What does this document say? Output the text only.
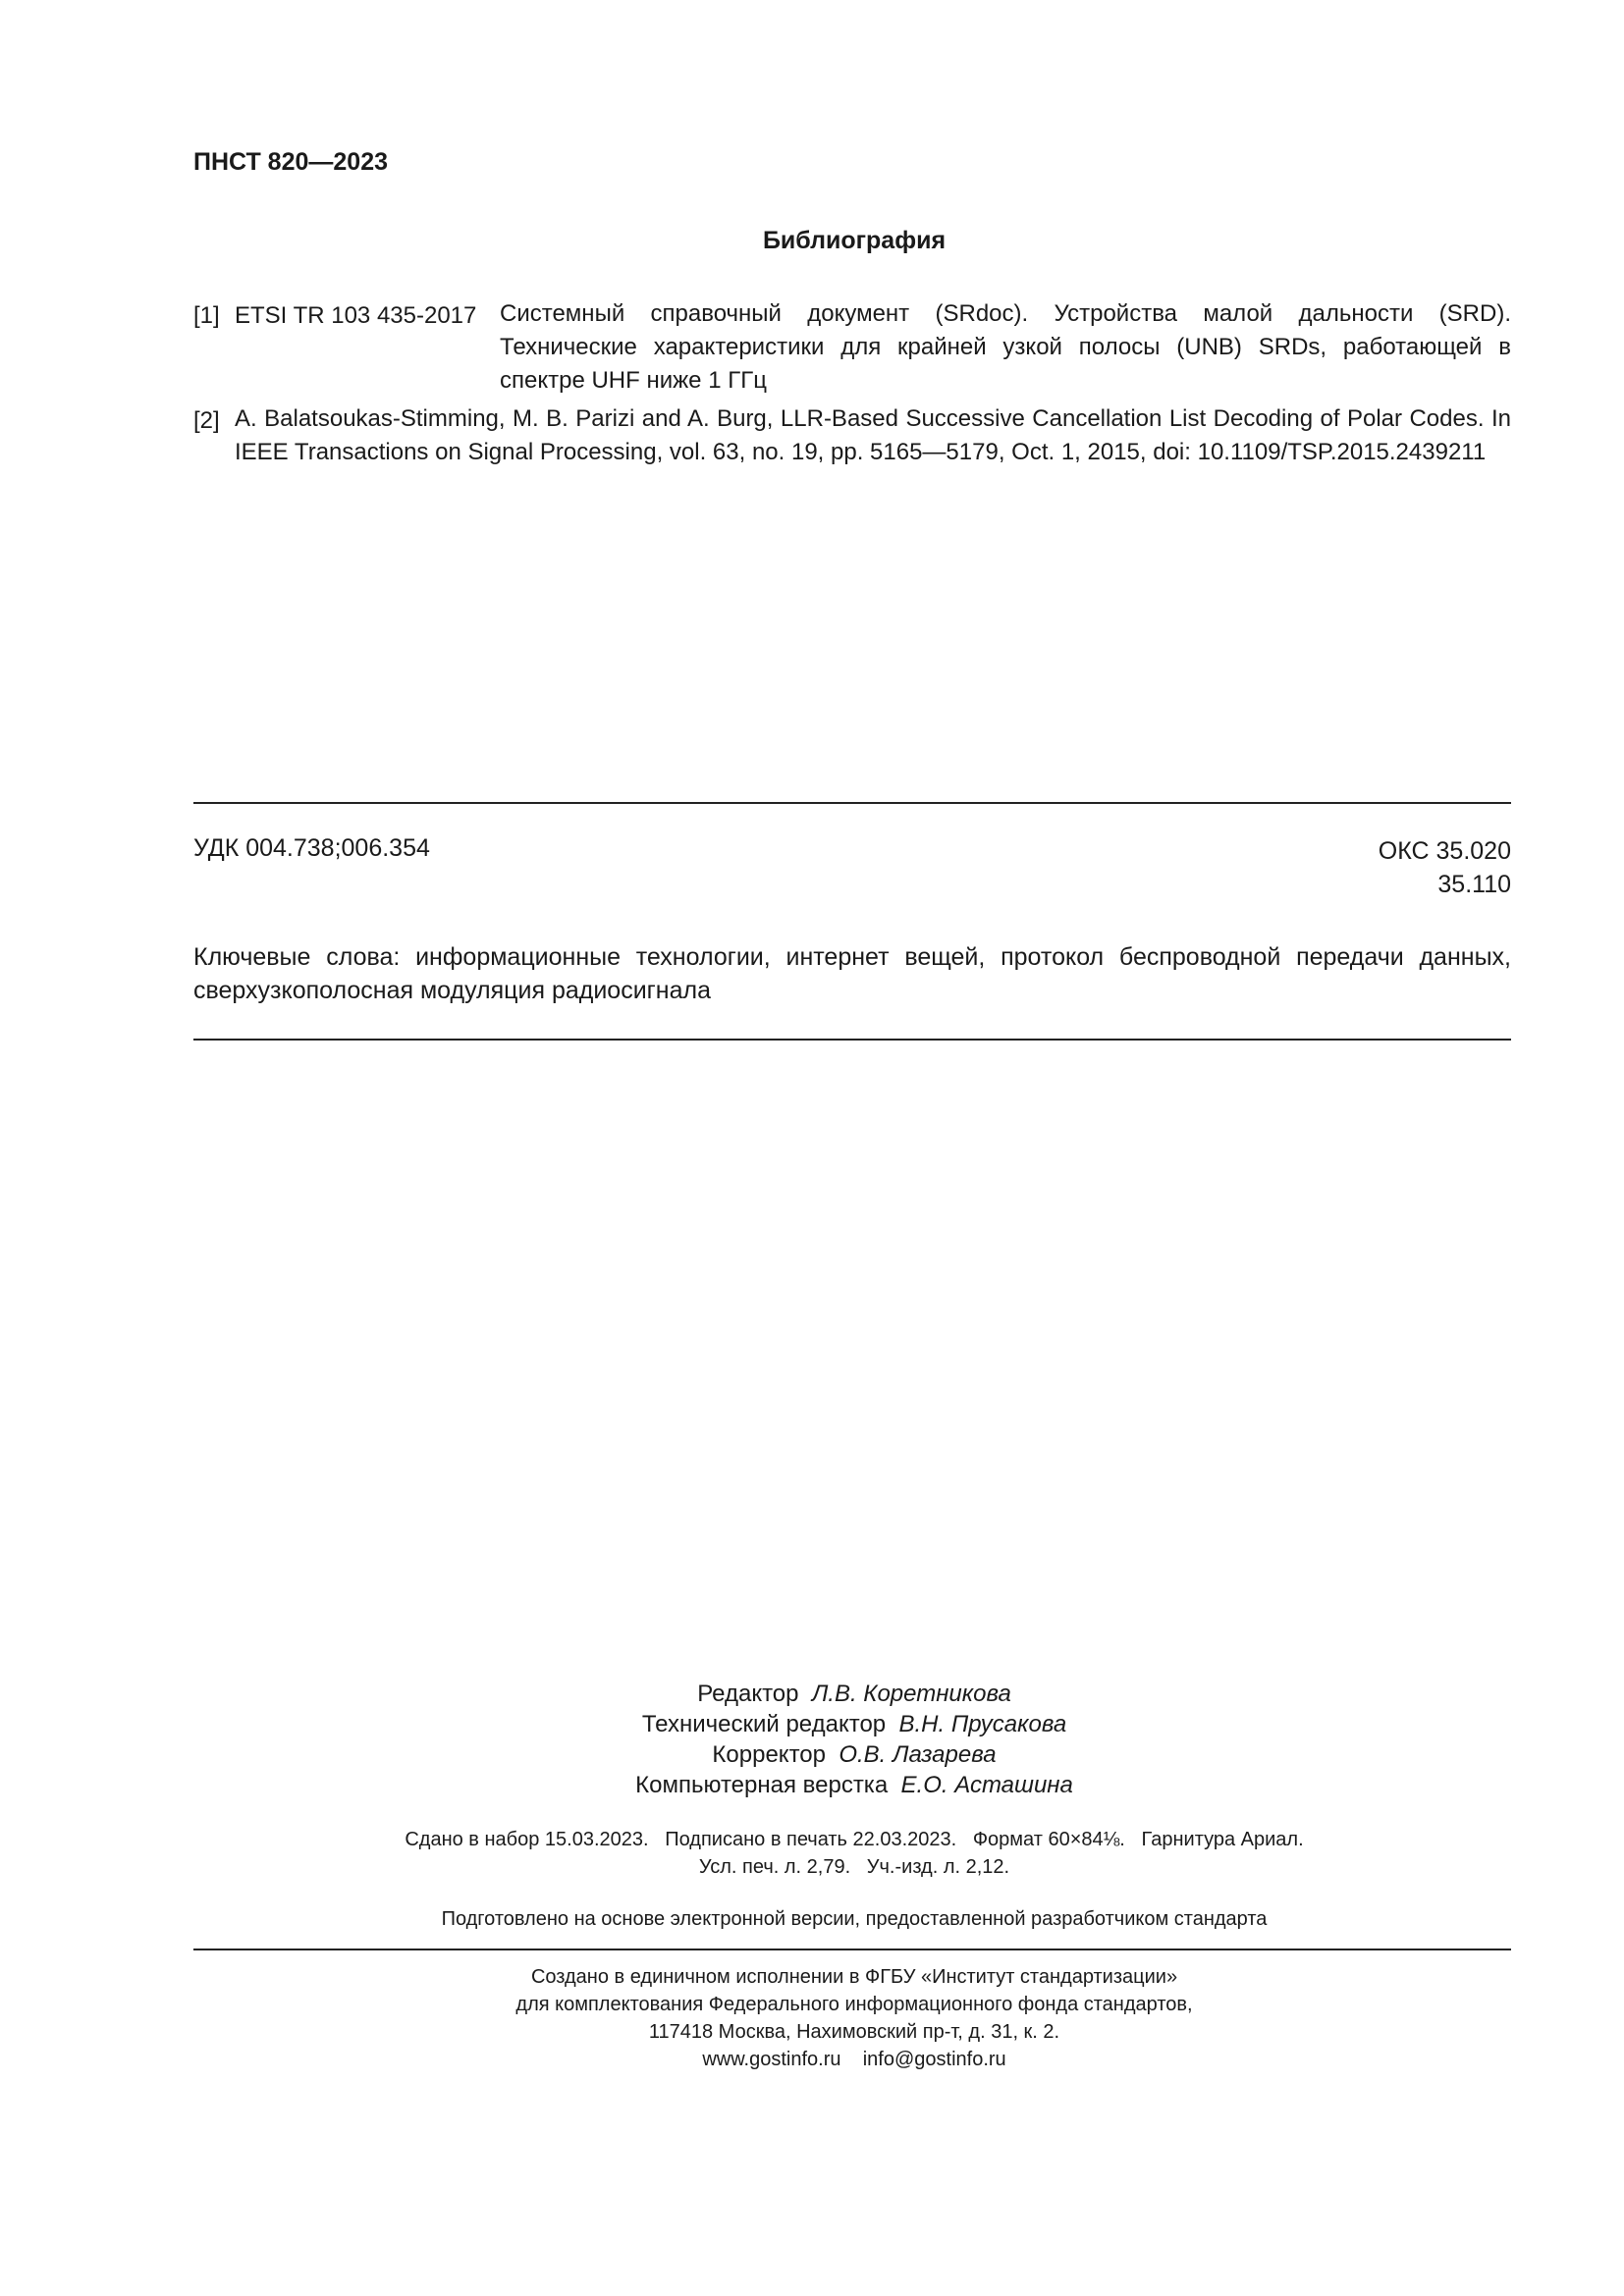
ПНСТ 820—2023
Библиография
[1] ETSI TR 103 435-2017 Системный справочный документ (SRdoc). Устройства малой дальности (SRD). Технические характеристики для крайней узкой полосы (UNB) SRDs, работающей в спектре UHF ниже 1 ГГц
[2] A. Balatsoukas-Stimming, M. B. Parizi and A. Burg, LLR-Based Successive Cancellation List Decoding of Polar Codes. In IEEE Transactions on Signal Processing, vol. 63, no. 19, pp. 5165—5179, Oct. 1, 2015, doi: 10.1109/TSP.2015.2439211
УДК 004.738;006.354	ОКС 35.020
35.110
Ключевые слова: информационные технологии, интернет вещей, протокол беспроводной передачи данных, сверхузкополосная модуляция радиосигнала
Редактор Л.В. Коретникова
Технический редактор В.Н. Прусакова
Корректор О.В. Лазарева
Компьютерная верстка Е.О. Асташина
Сдано в набор 15.03.2023.   Подписано в печать 22.03.2023.   Формат 60×84⅛.   Гарнитура Ариал.
Усл. печ. л. 2,79.   Уч.-изд. л. 2,12.
Подготовлено на основе электронной версии, предоставленной разработчиком стандарта
Создано в единичном исполнении в ФГБУ «Институт стандартизации»
для комплектования Федерального информационного фонда стандартов,
117418 Москва, Нахимовский пр-т, д. 31, к. 2.
www.gostinfo.ru    info@gostinfo.ru
